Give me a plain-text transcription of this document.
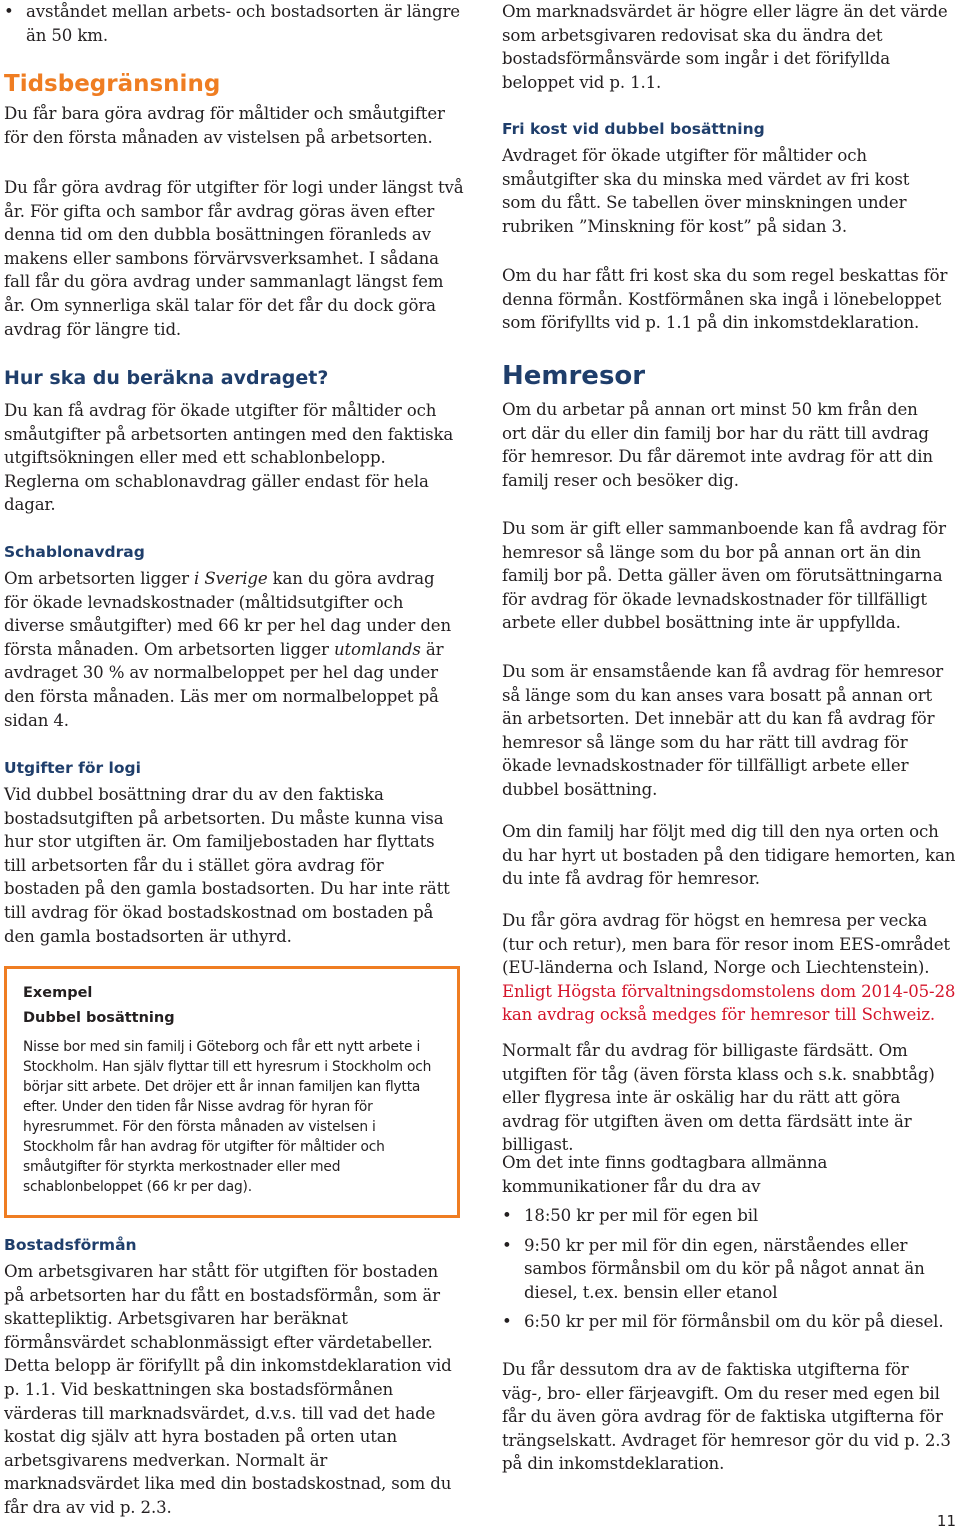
• avståndet mellan arbets- och bostadsorten är längre än 50 km.
Tidsbegränsning

Du får bara göra avdrag för måltider och småutgifter för den första månaden av vistelsen på arbetsorten.

Du får göra avdrag för utgifter för logi under längst två år. För gifta och sambor får avdrag göras även efter denna tid om den dubbla bosättningen föranleds av makens eller sambons förvärvsverksamhet. I sådana fall får du göra avdrag under sammanlagt längst fem år. Om synnerliga skäl talar för det får du dock göra avdrag för längre tid.

Hur ska du beräkna avdraget?

Du kan få avdrag för ökade utgifter för måltider och småutgifter på arbetsorten antingen med den faktiska utgiftsökningen eller med ett schablonbelopp. Reglerna om schablonavdrag gäller endast för hela dagar.

Schablonavdrag

Om arbetsorten ligger i Sverige kan du göra avdrag för ökade levnadskostnader (måltidsutgifter och diverse småutgifter) med 66 kr per hel dag under den första månaden. Om arbetsorten ligger utomlands är avdraget 30 % av normalbeloppet per hel dag under den första månaden. Läs mer om normalbeloppet på sidan 4.

Utgifter för logi

Vid dubbel bosättning drar du av den faktiska bostadsutgiften på arbetsorten. Du måste kunna visa hur stor utgiften är. Om familjebostaden har flyttats till arbetsorten får du i stället göra avdrag för bostaden på den gamla bostadsorten. Du har inte rätt till avdrag för ökad bostadskostnad om bostaden på den gamla bostadsorten är uthyrd.

Bostadsförmån

Om arbetsgivaren har stått för utgiften för bostaden på arbetsorten har du fått en bostadsförmån, som är skattepliktig. Arbetsgivaren har beräknat förmånsvärdet schablonmässigt efter värdetabeller. Detta belopp är förifyllt på din inkomstdeklaration vid p. 1.1. Vid beskattningen ska bostadsförmånen värderas till marknadsvärdet, d.v.s. till vad det hade kostat dig själv att hyra bostaden på orten utan arbetsgivarens medverkan. Normalt är marknadsvärdet lika med din bostadskostnad, som du får dra av vid p. 2.3.

Exempel
Dubbel bosättning
Nisse bor med sin familj i Göteborg och får ett nytt arbete i Stockholm. Han själv flyttar till ett hyresrum i Stockholm och börjar sitt arbete. Det dröjer ett år innan familjen kan flytta efter. Under den tiden får Nisse avdrag för hyran för hyresrummet. För den första månaden av vistelsen i Stockholm får han avdrag för utgifter för måltider och småutgifter för styrkta merkostnader eller med schablonbeloppet (66 kr per dag).

Om marknadsvärdet är högre eller lägre än det värde som arbetsgivaren redovisat ska du ändra det bostadsförmånsvärde som ingår i det förifyllda beloppet vid p. 1.1.

Fri kost vid dubbel bosättning

Avdraget för ökade utgifter för måltider och småutgifter ska du minska med värdet av fri kost som du fått. Se tabellen över minskningen under rubriken ”Minskning för kost” på sidan 3.

Om du har fått fri kost ska du som regel beskattas för denna förmån. Kostförmånen ska ingå i lönebeloppet som förifyllts vid p. 1.1 på din inkomstdeklaration.

Hemresor

Om du arbetar på annan ort minst 50 km från den ort där du eller din familj bor har du rätt till avdrag för hemresor. Du får däremot inte avdrag för att din familj reser och besöker dig.

Du som är gift eller sammanboende kan få avdrag för hemresor så länge som du bor på annan ort än din familj bor på. Detta gäller även om förutsättningarna för avdrag för ökade levnadskostnader för tillfälligt arbete eller dubbel bosättning inte är uppfyllda.

Du som är ensamstående kan få avdrag för hemresor så länge som du kan anses vara bosatt på annan ort än arbetsorten. Det innebär att du kan få avdrag för hemresor så länge som du har rätt till avdrag för ökade levnadskostnader för tillfälligt arbete eller dubbel bosättning.

Om din familj har följt med dig till den nya orten och du har hyrt ut bostaden på den tidigare hemorten, kan du inte få avdrag för hemresor.

Du får göra avdrag för högst en hemresa per vecka (tur och retur), men bara för resor inom EES-området (EU-länderna och Island, Norge och Liechtenstein). Enligt Högsta förvaltningsdomstolens dom 2014-05-28 kan avdrag också medges för hemresor till Schweiz.

Normalt får du avdrag för billigaste färdsätt. Om utgiften för tåg (även första klass och s.k. snabbtåg) eller flygresa inte är oskälig har du rätt att göra avdrag för utgiften även om detta färdsätt inte är billigast.

Om det inte finns godtagbara allmänna kommunikationer får du dra av

• 18:50 kr per mil för egen bil
• 9:50 kr per mil för din egen, närståendes eller sambos förmånsbil om du kör på något annat än diesel, t.ex. bensin eller etanol
• 6:50 kr per mil för förmånsbil om du kör på diesel.

Du får dessutom dra av de faktiska utgifterna för väg-, bro- eller färjeavgift. Om du reser med egen bil får du även göra avdrag för de faktiska utgifterna för trängselskatt. Avdraget för hemresor gör du vid p. 2.3 på din inkomstdeklaration.

11
